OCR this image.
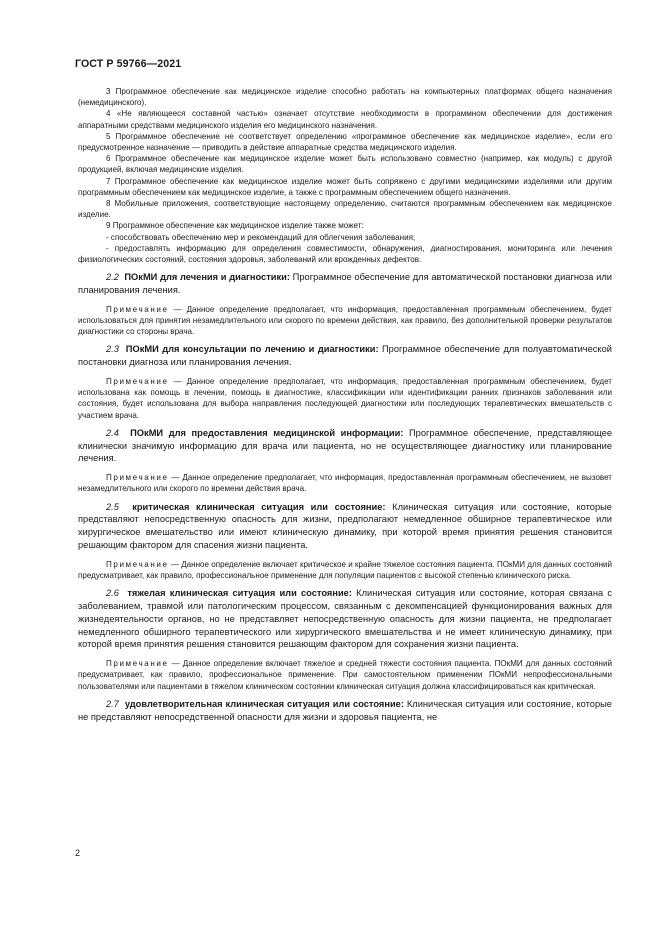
ГОСТ Р 59766—2021

3 Программное обеспечение как медицинское изделие способно работать на компьютерных платформах общего назначения (немедицинского).

4 «Не являющееся составной частью» означает отсутствие необходимости в программном обеспечении для достижения аппаратными средствами медицинского изделия его медицинского назначения.

5 Программное обеспечение не соответствует определению «программное обеспечение как медицинское изделие», если его предусмотренное назначение — приводить в действие аппаратные средства медицинского изделия.

6 Программное обеспечение как медицинское изделие может быть использовано совместно (например, как модуль) с другой продукцией, включая медицинские изделия.

7 Программное обеспечение как медицинское изделие может быть сопряжено с другими медицинскими изделиями или другим программным обеспечением как медицинское изделие, а также с программным обеспечением общего назначения.

8 Мобильные приложения, соответствующие настоящему определению, считаются программным обеспечением как медицинское изделие.

9 Программное обеспечение как медицинское изделие также может:

- способствовать обеспечению мер и рекомендаций для облегчения заболевания;

- предоставлять информацию для определения совместимости, обнаружения, диагностирования, мониторинга или лечения физиологических состояний, состояния здоровья, заболеваний или врожденных дефектов.

2.2 ПОкМИ для лечения и диагностики: Программное обеспечение для автоматической постановки диагноза или планирования лечения.

Примечание — Данное определение предполагает, что информация, предоставленная программным обеспечением, будет использоваться для принятия незамедлительного или скорого по времени действия, как правило, без дополнительной проверки результатов диагностики со стороны врача.

2.3 ПОкМИ для консультации по лечению и диагностики: Программное обеспечение для полуавтоматической постановки диагноза или планирования лечения.

Примечание — Данное определение предполагает, что информация, предоставленная программным обеспечением, будет использована как помощь в лечении, помощь в диагностике, классификации или идентификации ранних признаков заболевания или состояния, будет использована для выбора направления последующей диагностики или последующих терапевтических вмешательств с участием врача.

2.4 ПОкМИ для предоставления медицинской информации: Программное обеспечение, представляющее клинически значимую информацию для врача или пациента, но не осуществляющее диагностику или планирование лечения.

Примечание — Данное определение предполагает, что информация, предоставленная программным обеспечением, не вызовет незамедлительного или скорого по времени действия врача.

2.5 критическая клиническая ситуация или состояние: Клиническая ситуация или состояние, которые представляют непосредственную опасность для жизни, предполагают немедленное обширное терапевтическое или хирургическое вмешательство или имеют клиническую динамику, при которой время принятия решения становится решающим фактором для спасения жизни пациента.

Примечание — Данное определение включает критическое и крайне тяжелое состояния пациента. ПОкМИ для данных состояний предусматривает, как правило, профессиональное применение для популяции пациентов с высокой степенью клинического риска.

2.6 тяжелая клиническая ситуация или состояние: Клиническая ситуация или состояние, которая связана с заболеванием, травмой или патологическим процессом, связанным с декомпенсацией функционирования важных для жизнедеятельности органов, но не представляет непосредственную опасность для жизни пациента, не предполагает немедленного обширного терапевтического или хирургического вмешательства и не имеет клиническую динамику, при которой время принятия решения становится решающим фактором для сохранения жизни пациента.

Примечание — Данное определение включает тяжелое и средней тяжести состояния пациента. ПОкМИ для данных состояний предусматривает, как правило, профессиональное применение. При самостоятельном применении ПОкМИ непрофессиональными пользователями или пациентами в тяжелом клиническом состоянии клиническая ситуация должна классифицироваться как критическая.

2.7 удовлетворительная клиническая ситуация или состояние: Клиническая ситуация или состояние, которые не представляют непосредственной опасности для жизни и здоровья пациента, не

2
